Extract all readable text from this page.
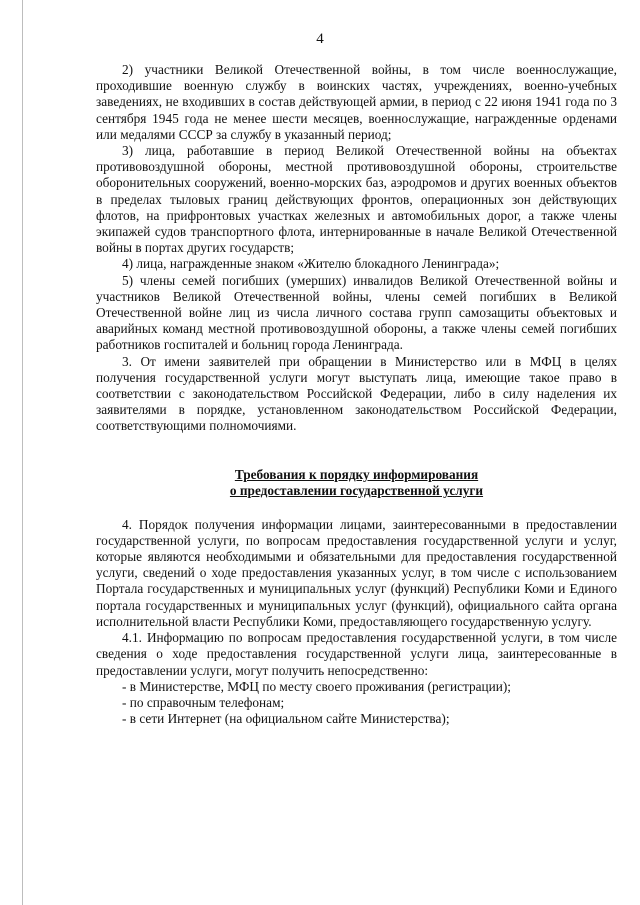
4

2) участники Великой Отечественной войны, в том числе военнослужащие, проходившие военную службу в воинских частях, учреждениях, военно-учебных заведениях, не входивших в состав действующей армии, в период с 22 июня 1941 года по 3 сентября 1945 года не менее шести месяцев, военнослужащие, награжденные орденами или медалями СССР за службу в указанный период;

3) лица, работавшие в период Великой Отечественной войны на объектах противовоздушной обороны, местной противовоздушной обороны, строительстве оборонительных сооружений, военно-морских баз, аэродромов и других военных объектов в пределах тыловых границ действующих фронтов, операционных зон действующих флотов, на прифронтовых участках железных и автомобильных дорог, а также члены экипажей судов транспортного флота, интернированные в начале Великой Отечественной войны в портах других государств;

4) лица, награжденные знаком «Жителю блокадного Ленинграда»;

5) члены семей погибших (умерших) инвалидов Великой Отечественной войны и участников Великой Отечественной войны, члены семей погибших в Великой Отечественной войне лиц из числа личного состава групп самозащиты объектовых и аварийных команд местной противовоздушной обороны, а также члены семей погибших работников госпиталей и больниц города Ленинграда.

3. От имени заявителей при обращении в Министерство или в МФЦ в целях получения государственной услуги могут выступать лица, имеющие такое право в соответствии с законодательством Российской Федерации, либо в силу наделения их заявителями в порядке, установленном законодательством Российской Федерации, соответствующими полномочиями.

Требования к порядку информирования
о предоставлении государственной услуги

4. Порядок получения информации лицами, заинтересованными в предоставлении государственной услуги, по вопросам предоставления государственной услуги и услуг, которые являются необходимыми и обязательными для предоставления государственной услуги, сведений о ходе предоставления указанных услуг, в том числе с использованием Портала государственных и муниципальных услуг (функций) Республики Коми и Единого портала государственных и муниципальных услуг (функций), официального сайта органа исполнительной власти Республики Коми, предоставляющего государственную услугу.

4.1. Информацию по вопросам предоставления государственной услуги, в том числе сведения о ходе предоставления государственной услуги лица, заинтересованные в предоставлении услуги, могут получить непосредственно:

- в Министерстве, МФЦ по месту своего проживания (регистрации);
- по справочным телефонам;
- в сети Интернет (на официальном сайте Министерства);
